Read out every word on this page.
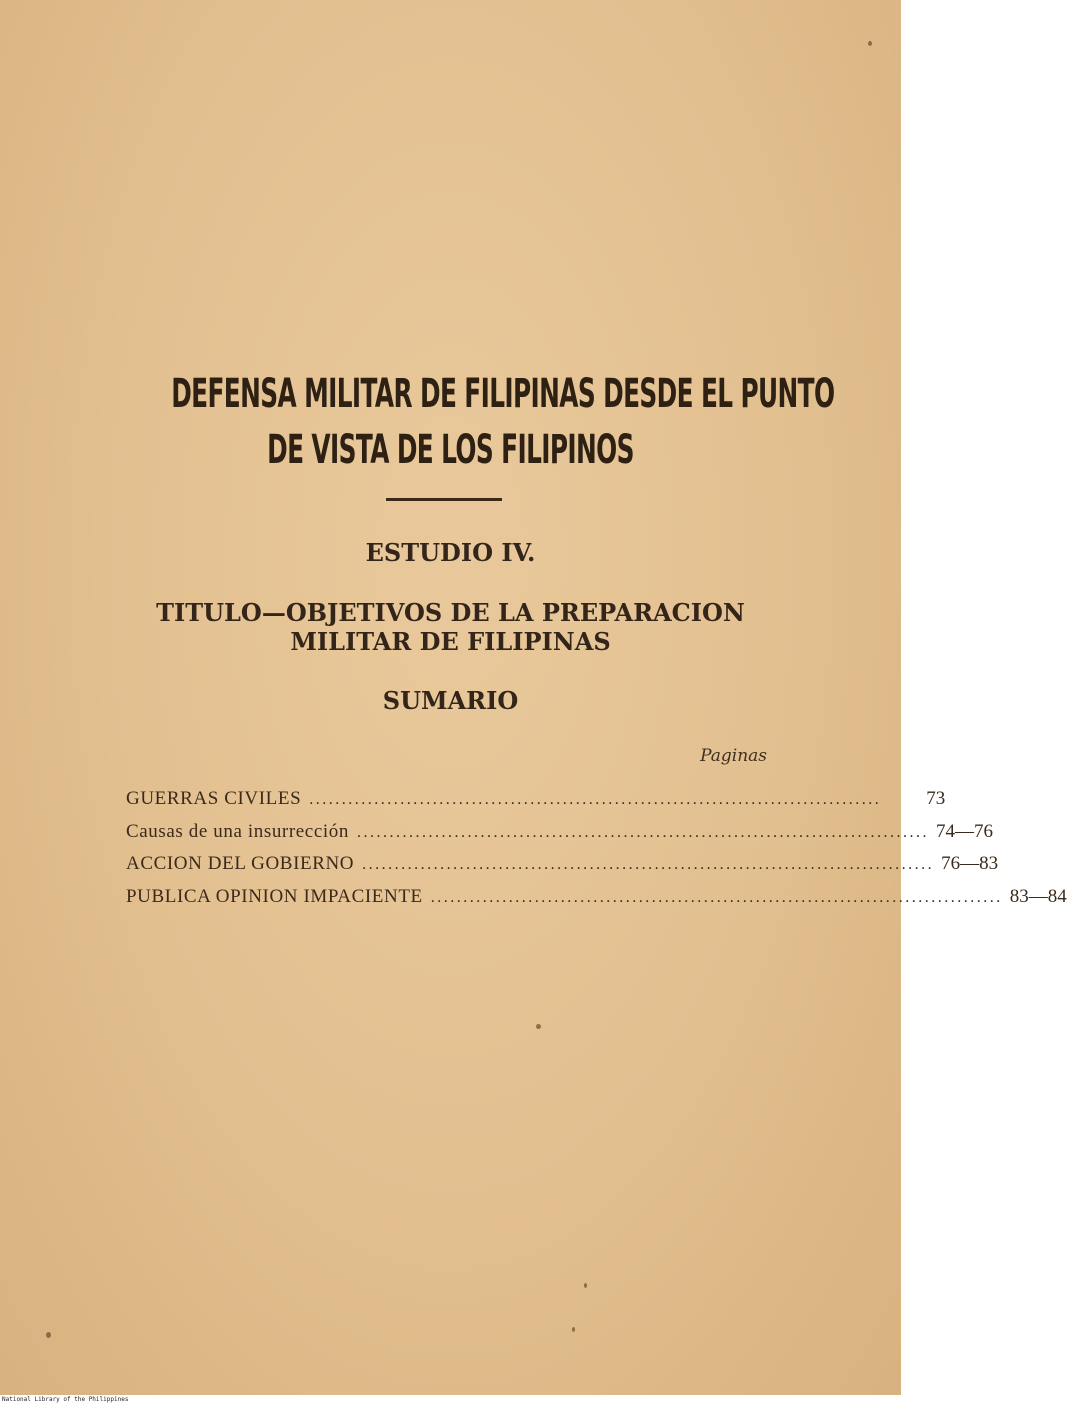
DEFENSA MILITAR DE FILIPINAS DESDE EL PUNTO
DE VISTA DE LOS FILIPINOS
ESTUDIO IV.
TITULO—OBJETIVOS DE LA PREPARACION
MILITAR DE FILIPINAS
SUMARIO
Paginas
GUERRAS CIVILES ........................................................................................	73
Causas de una insurrección ........................................................................................ 74—76
ACCION DEL GOBIERNO ........................................................................................ 76—83
PUBLICA OPINION IMPACIENTE ........................................................................................ 83—84
National Library of the Philippines
